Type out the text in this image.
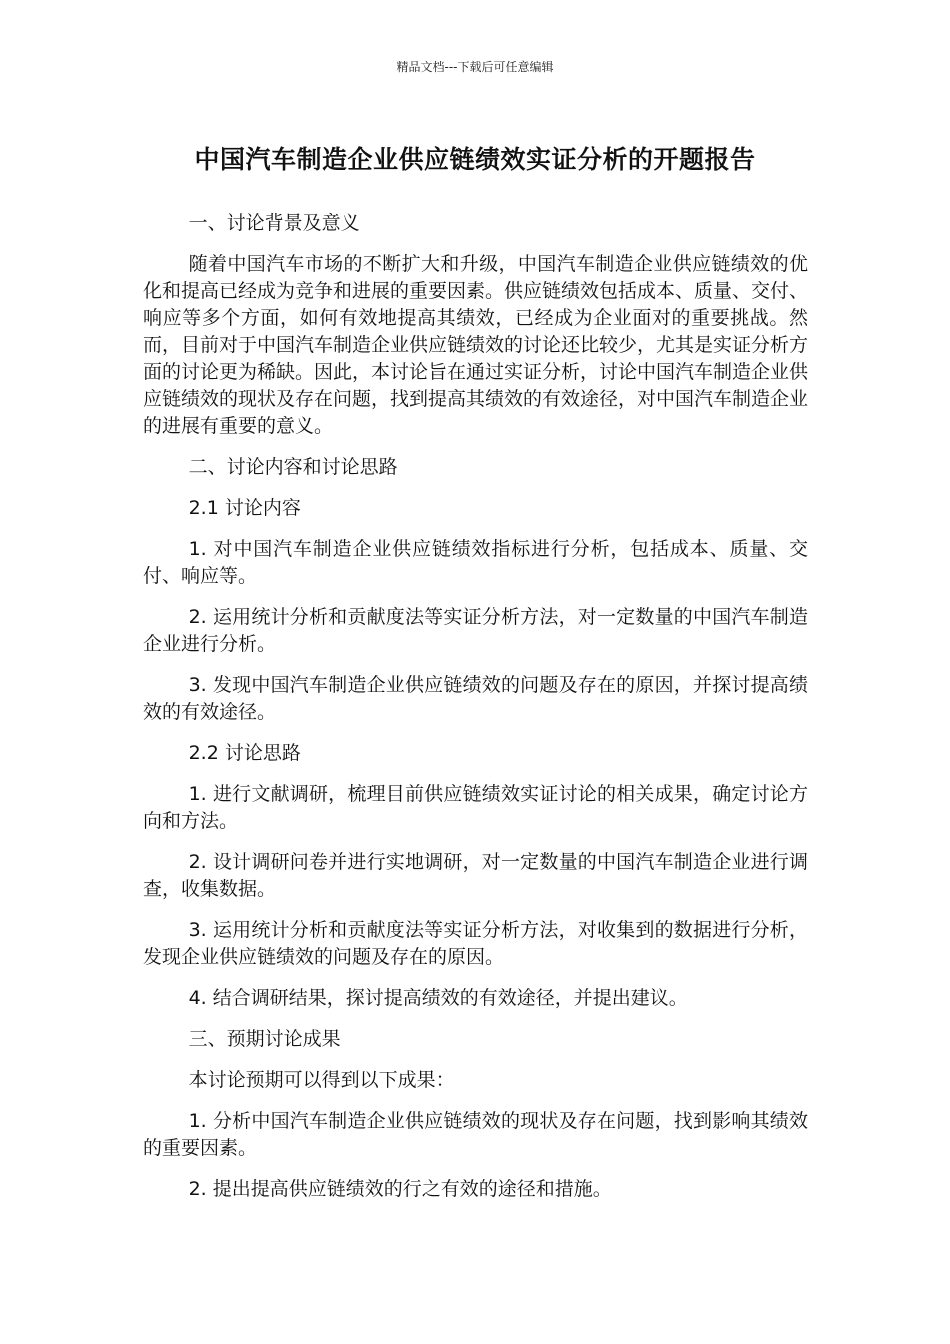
精品文档---下载后可任意编辑
中国汽车制造企业供应链绩效实证分析的开题报告

一、讨论背景及意义

随着中国汽车市场的不断扩大和升级，中国汽车制造企业供应链绩效的优化和提高已经成为竞争和进展的重要因素。供应链绩效包括成本、质量、交付、响应等多个方面，如何有效地提高其绩效，已经成为企业面对的重要挑战。然而，目前对于中国汽车制造企业供应链绩效的讨论还比较少，尤其是实证分析方面的讨论更为稀缺。因此，本讨论旨在通过实证分析，讨论中国汽车制造企业供应链绩效的现状及存在问题，找到提高其绩效的有效途径，对中国汽车制造企业的进展有重要的意义。

二、讨论内容和讨论思路

2.1 讨论内容

1. 对中国汽车制造企业供应链绩效指标进行分析，包括成本、质量、交付、响应等。

2. 运用统计分析和贡献度法等实证分析方法，对一定数量的中国汽车制造企业进行分析。

3. 发现中国汽车制造企业供应链绩效的问题及存在的原因，并探讨提高绩效的有效途径。

2.2 讨论思路

1. 进行文献调研，梳理目前供应链绩效实证讨论的相关成果，确定讨论方向和方法。

2. 设计调研问卷并进行实地调研，对一定数量的中国汽车制造企业进行调查，收集数据。

3. 运用统计分析和贡献度法等实证分析方法，对收集到的数据进行分析，发现企业供应链绩效的问题及存在的原因。

4. 结合调研结果，探讨提高绩效的有效途径，并提出建议。

三、预期讨论成果

本讨论预期可以得到以下成果：

1. 分析中国汽车制造企业供应链绩效的现状及存在问题，找到影响其绩效的重要因素。

2. 提出提高供应链绩效的行之有效的途径和措施。
